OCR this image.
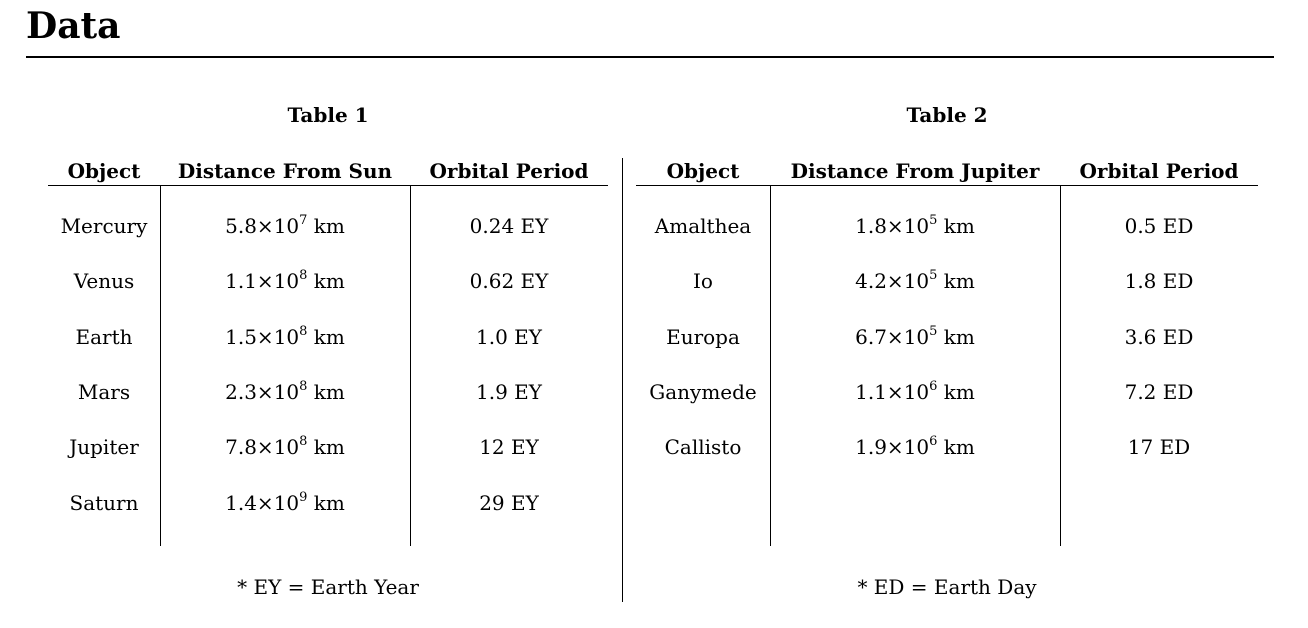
Data
Table 1
Object	Distance From Sun	Orbital Period
Mercury	$5.8\times 10^7$ km	0.24 EY
Venus	$1.1\times 10^8$ km	0.62 EY
Earth	$1.5\times 10^8$ km	1.0 EY
Mars	$2.3\times 10^8$ km	1.9 EY
Jupiter	$7.8\times 10^8$ km	12 EY
Saturn	$1.4\times 10^9$ km	29 EY
* EY = Earth Year
Table 2
Object	Distance From Jupiter	Orbital Period
Amalthea	$1.8\times 10^5$ km	0.5 ED
Io	$4.2\times 10^5$ km	1.8 ED
Europa	$6.7\times 10^5$ km	3.6 ED
Ganymede	$1.1\times 10^6$ km	7.2 ED
Callisto	$1.9\times 10^6$ km	17 ED
* ED = Earth Day
